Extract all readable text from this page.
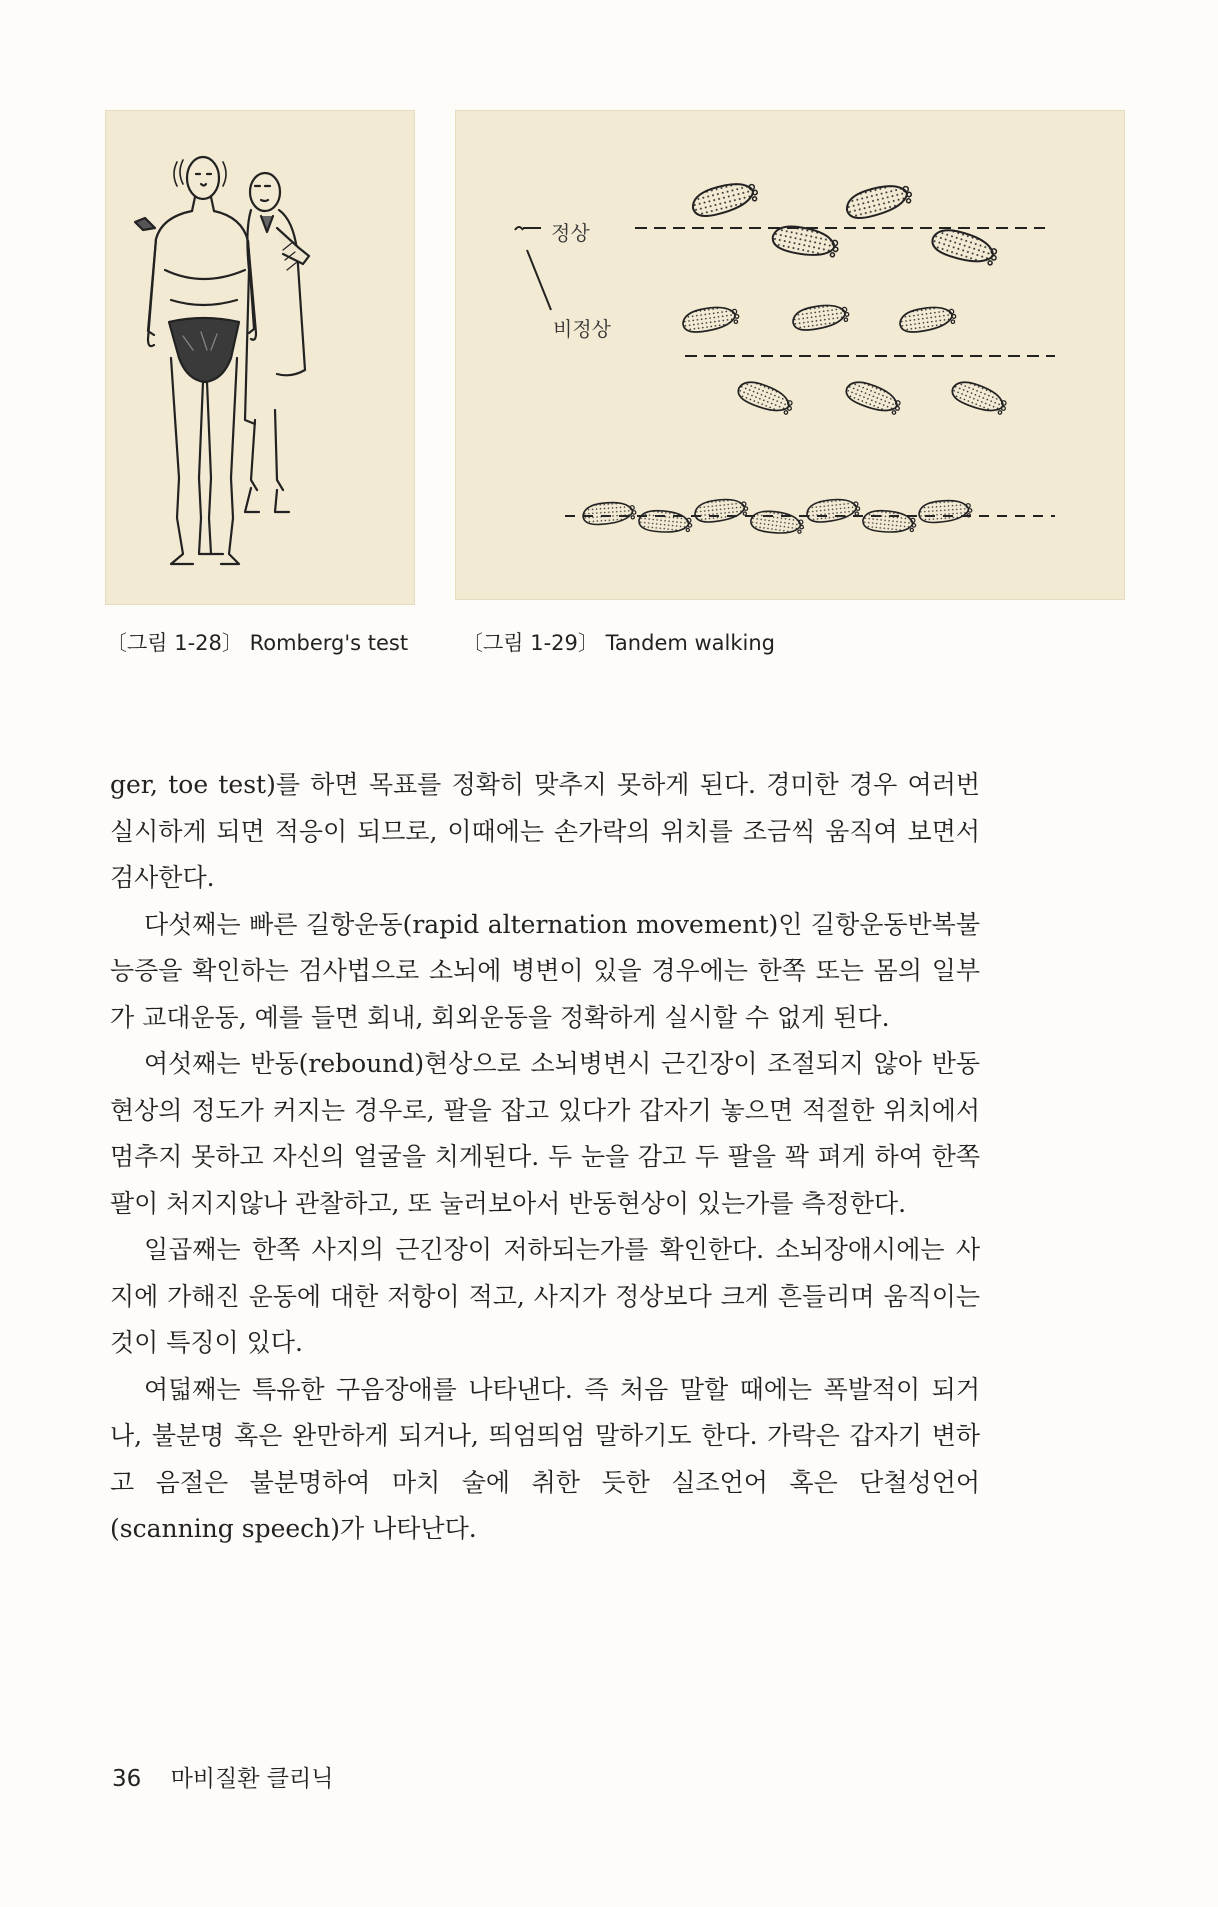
정상
비정상
〔그림 1-28〕 Romberg's test	〔그림 1-29〕 Tandem walking

ger, toe test)를 하면 목표를 정확히 맞추지 못하게 된다. 경미한 경우 여러번 실시하게 되면 적응이 되므로, 이때에는 손가락의 위치를 조금씩 움직여 보면서 검사한다.

다섯째는 빠른 길항운동(rapid alternation movement)인 길항운동반복불능증을 확인하는 검사법으로 소뇌에 병변이 있을 경우에는 한쪽 또는 몸의 일부가 교대운동, 예를 들면 회내, 회외운동을 정확하게 실시할 수 없게 된다.

여섯째는 반동(rebound)현상으로 소뇌병변시 근긴장이 조절되지 않아 반동현상의 정도가 커지는 경우로, 팔을 잡고 있다가 갑자기 놓으면 적절한 위치에서 멈추지 못하고 자신의 얼굴을 치게된다. 두 눈을 감고 두 팔을 꽉 펴게 하여 한쪽 팔이 처지지않나 관찰하고, 또 눌러보아서 반동현상이 있는가를 측정한다.

일곱째는 한쪽 사지의 근긴장이 저하되는가를 확인한다. 소뇌장애시에는 사지에 가해진 운동에 대한 저항이 적고, 사지가 정상보다 크게 흔들리며 움직이는 것이 특징이 있다.

여덟째는 특유한 구음장애를 나타낸다. 즉 처음 말할 때에는 폭발적이 되거나, 불분명 혹은 완만하게 되거나, 띄엄띄엄 말하기도 한다. 가락은 갑자기 변하고 음절은 불분명하여 마치 술에 취한 듯한 실조언어 혹은 단철성언어(scanning speech)가 나타난다.

36 마비질환 클리닉
